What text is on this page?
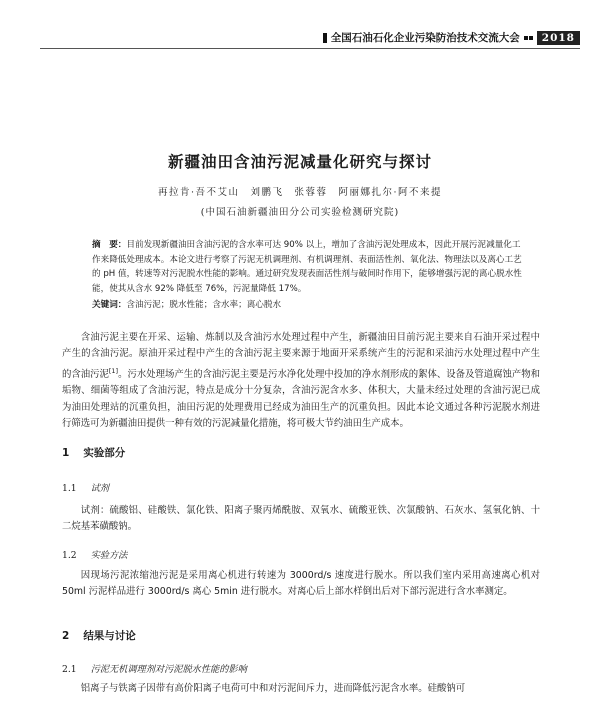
全国石油石化企业污染防治技术交流大会	2018
新疆油田含油污泥减量化研究与探讨
再拉肯·吾不艾山　刘鹏飞　张蓉蓉　阿丽娜扎尔·阿不来提
(中国石油新疆油田分公司实验检测研究院)
摘　要：目前发现新疆油田含油污泥的含水率可达 90% 以上，增加了含油污泥处理成本，因此开展污泥减量化工作来降低处理成本。本论文进行考察了污泥无机调理剂、有机调理剂、表面活性剂、氧化法、物理法以及离心工艺的 pH 值，转速等对污泥脱水性能的影响。通过研究发现表面活性剂与破间时作用下，能够增强污泥的离心脱水性能，使其从含水 92% 降低至 76%，污泥量降低 17%。
关键词：含油污泥；脱水性能；含水率；离心脱水
含油污泥主要在开采、运输、炼制以及含油污水处理过程中产生，新疆油田目前污泥主要来自石油开采过程中产生的含油污泥。原油开采过程中产生的含油污泥主要来源于地面开采系统产生的污泥和采油污水处理过程中产生的含油污泥[1]。污水处理场产生的含油污泥主要是污水净化处理中投加的净水剂形成的絮体、设备及管道腐蚀产物和垢物、细菌等组成了含油污泥，特点是成分十分复杂，含油污泥含水多、体积大，大量未经过处理的含油污泥已成为油田处理站的沉重负担，油田污泥的处理费用已经成为油田生产的沉重负担。因此本论文通过各种污泥脱水剂进行筛选可为新疆油田提供一种有效的污泥减量化措施，将可极大节约油田生产成本。
1 实验部分
1.1 试剂
试剂：硫酸铝、硅酸铁、氯化铁、阳离子聚丙烯酰胺、双氧水、硫酸亚铁、次氯酸钠、石灰水、氢氧化钠、十二烷基苯磺酸钠。
1.2 实验方法
因现场污泥浓缩池污泥是采用离心机进行转速为 3000rd/s 速度进行脱水。所以我们室内采用高速离心机对 50ml 污泥样品进行 3000rd/s 离心 5min 进行脱水。对离心后上部水样倒出后对下部污泥进行含水率测定。
2 结果与讨论
2.1 污泥无机调理剂对污泥脱水性能的影响
铝离子与铁离子因带有高价阳离子电荷可中和对污泥间斥力，进而降低污泥含水率。硅酸钠可
